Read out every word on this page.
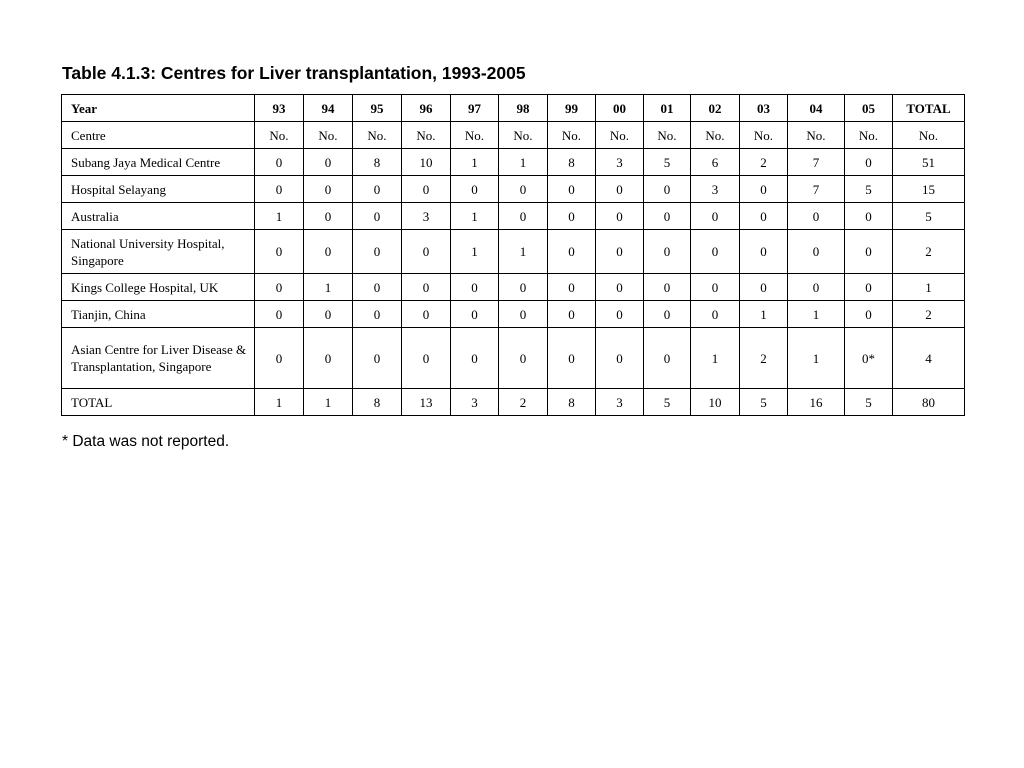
Table 4.1.3: Centres for Liver transplantation, 1993-2005
Year	93	94	95	96	97	98	99	00	01	02	03	04	05	TOTAL
Centre	No.	No.	No.	No.	No.	No.	No.	No.	No.	No.	No.	No.	No.	No.
Subang Jaya Medical Centre	0	0	8	10	1	1	8	3	5	6	2	7	0	51
Hospital Selayang	0	0	0	0	0	0	0	0	0	3	0	7	5	15
Australia	1	0	0	3	1	0	0	0	0	0	0	0	0	5
National University Hospital, Singapore	0	0	0	0	1	1	0	0	0	0	0	0	0	2
Kings College Hospital, UK	0	1	0	0	0	0	0	0	0	0	0	0	0	1
Tianjin, China	0	0	0	0	0	0	0	0	0	0	1	1	0	2
Asian Centre for Liver Disease & Transplantation, Singapore	0	0	0	0	0	0	0	0	0	1	2	1	0*	4
TOTAL	1	1	8	13	3	2	8	3	5	10	5	16	5	80
* Data was not reported.
